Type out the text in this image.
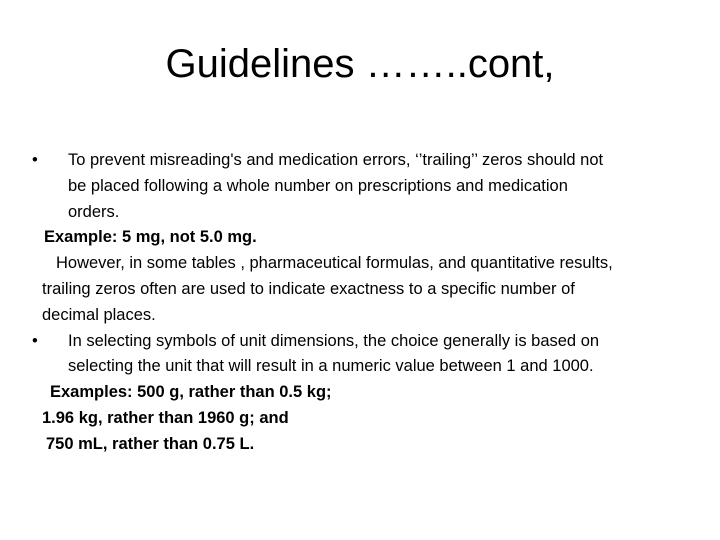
Guidelines ……..cont,
• To prevent misreading's and medication errors, ‘’trailing’’ zeros should not
be placed following a whole number on prescriptions and medication
orders.
Example: 5 mg, not 5.0 mg.
However, in some tables , pharmaceutical formulas, and quantitative results,
trailing zeros often are used to indicate exactness to a specific number of
decimal places.
• In selecting symbols of unit dimensions, the choice generally is based on
selecting the unit that will result in a numeric value between 1 and 1000.
Examples: 500 g, rather than 0.5 kg;
1.96 kg, rather than 1960 g; and
750 mL, rather than 0.75 L.
